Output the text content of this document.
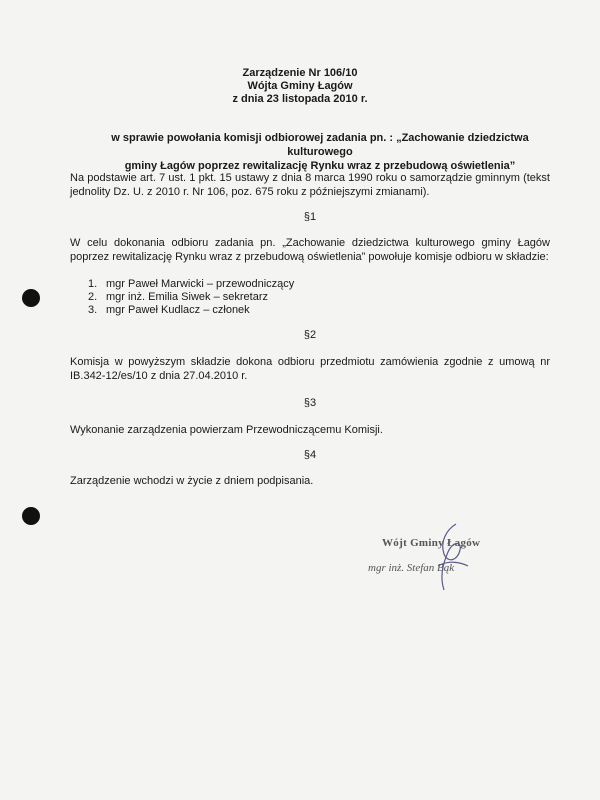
Zarządzenie Nr 106/10
Wójta Gminy Łagów
z dnia 23 listopada 2010 r.
w sprawie powołania komisji odbiorowej zadania pn. : „Zachowanie dziedzictwa kulturowego
gminy Łagów poprzez rewitalizację Rynku wraz z przebudową oświetlenia”
Na podstawie art. 7 ust. 1 pkt. 15 ustawy z dnia 8 marca 1990 roku o samorządzie gminnym (tekst jednolity Dz. U. z 2010 r. Nr 106, poz. 675 roku z późniejszymi zmianami).
§1
W celu dokonania odbioru zadania pn. „Zachowanie dziedzictwa kulturowego gminy Łagów poprzez rewitalizację Rynku wraz z przebudową oświetlenia” powołuje komisje odbioru w składzie:
1. mgr Paweł Marwicki – przewodniczący
2. mgr inż. Emilia Siwek – sekretarz
3. mgr Paweł Kudlacz – członek
§2
Komisja w powyższym składzie dokona odbioru przedmiotu zamówienia zgodnie z umową nr IB.342-12/es/10 z dnia 27.04.2010 r.
§3
Wykonanie zarządzenia powierzam Przewodniczącemu Komisji.
§4
Zarządzenie wchodzi w życie z dniem podpisania.
Wójt Gminy Łagów
mgr inż. Stefan Bąk
